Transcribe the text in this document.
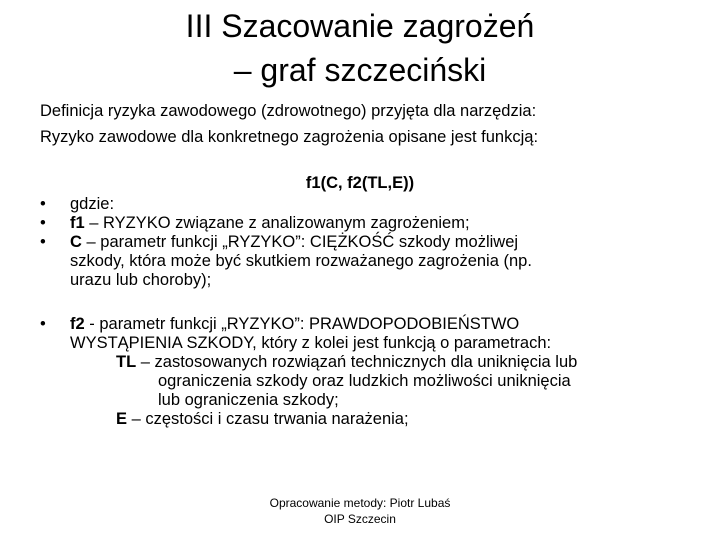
III Szacowanie zagrożeń
– graf szczeciński
Definicja ryzyka zawodowego (zdrowotnego) przyjęta dla narzędzia:
Ryzyko zawodowe dla konkretnego zagrożenia opisane jest funkcją:
f1(C, f2(TL,E))
• gdzie:
• f1 – RYZYKO związane z analizowanym zagrożeniem;
• C – parametr funkcji „RYZYKO”: CIĘŻKOŚĆ szkody możliwej
szkody, która może być skutkiem rozważanego zagrożenia (np.
urazu lub choroby);
• f2 - parametr funkcji „RYZYKO”: PRAWDOPODOBIEŃSTWO
WYSTĄPIENIA SZKODY, który z kolei jest funkcją o parametrach:
TL – zastosowanych rozwiązań technicznych dla uniknięcia lub
ograniczenia szkody oraz ludzkich możliwości uniknięcia
lub ograniczenia szkody;
E – częstości i czasu trwania narażenia;
Opracowanie metody: Piotr Lubaś
OIP Szczecin
